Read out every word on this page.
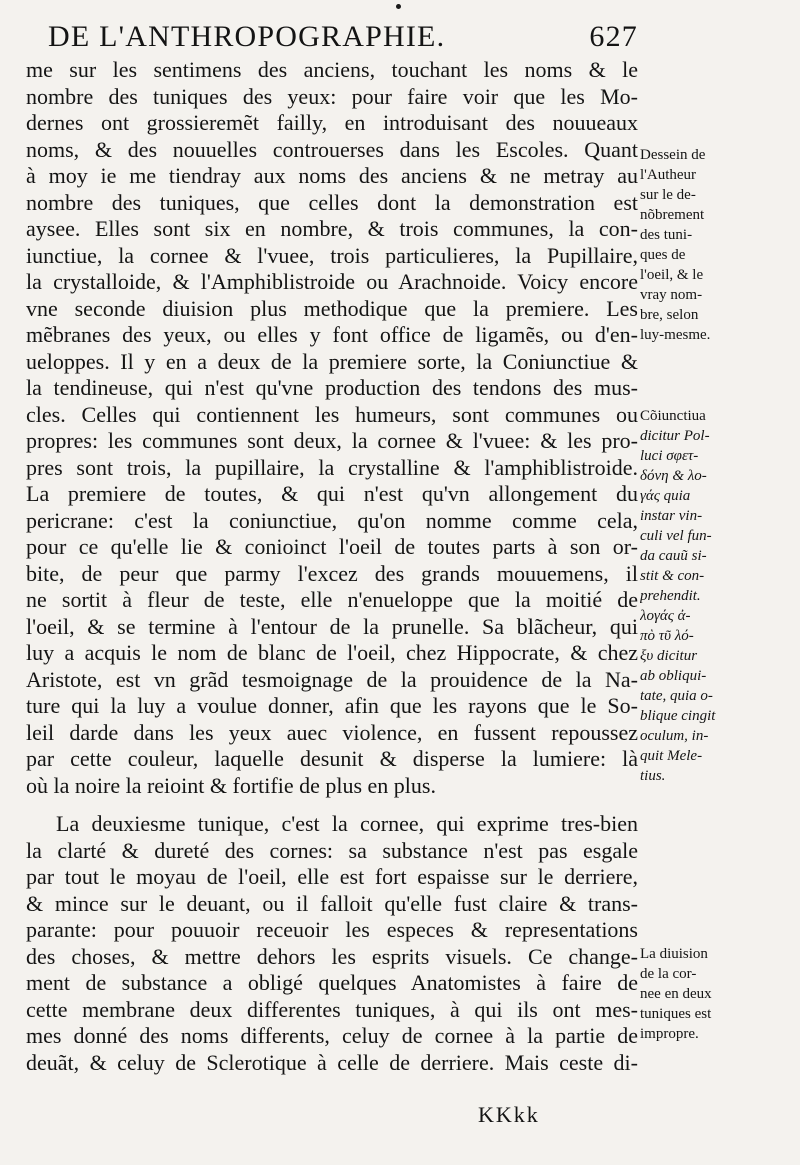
DE L'ANTHROPOGRAPHIE.	627
me sur les sentimens des anciens, touchant les noms & le
nombre des tuniques des yeux: pour faire voir que les Mo-
dernes ont grossieremẽt failly, en introduisant des nouueaux
noms, & des nouuelles controuerses dans les Escoles. Quant
à moy ie me tiendray aux noms des anciens & ne metray au
nombre des tuniques, que celles dont la demonstration est
aysee. Elles sont six en nombre, & trois communes, la con-
iunctiue, la cornee & l'vuee, trois particulieres, la Pupillaire,
la crystalloide, & l'Amphiblistroide ou Arachnoide. Voicy encore
vne seconde diuision plus methodique que la premiere. Les
mẽbranes des yeux, ou elles y font office de ligamẽs, ou d'en-
ueloppes. Il y en a deux de la premiere sorte, la Coniunctiue &
la tendineuse, qui n'est qu'vne production des tendons des mus-
cles. Celles qui contiennent les humeurs, sont communes ou
propres: les communes sont deux, la cornee & l'vuee: & les pro-
pres sont trois, la pupillaire, la crystalline & l'amphiblistroide.
La premiere de toutes, & qui n'est qu'vn allongement du
pericrane: c'est la coniunctiue, qu'on nomme comme cela,
pour ce qu'elle lie & conioinct l'oeil de toutes parts à son or-
bite, de peur que parmy l'excez des grands mouuemens, il
ne sortit à fleur de teste, elle n'enueloppe que la moitié de
l'oeil, & se termine à l'entour de la prunelle. Sa blãcheur, qui
luy a acquis le nom de blanc de l'oeil, chez Hippocrate, & chez
Aristote, est vn grãd tesmoignage de la prouidence de la Na-
ture qui la luy a voulue donner, afin que les rayons que le So-
leil darde dans les yeux auec violence, en fussent repoussez
par cette couleur, laquelle desunit & disperse la lumiere: là
où la noire la reioint & fortifie de plus en plus.
La deuxiesme tunique, c'est la cornee, qui exprime tres-bien
la clarté & dureté des cornes: sa substance n'est pas esgale
par tout le moyau de l'oeil, elle est fort espaisse sur le derriere,
& mince sur le deuant, ou il falloit qu'elle fust claire & trans-
parante: pour pouuoir receuoir les especes & representations
des choses, & mettre dehors les esprits visuels. Ce change-
ment de substance a obligé quelques Anatomistes à faire de
cette membrane deux differentes tuniques, à qui ils ont mes-
mes donné des noms differents, celuy de cornee à la partie de
deuãt, & celuy de Sclerotique à celle de derriere. Mais ceste di-
Dessein de
l'Autheur
sur le de-
nõbrement
des tuni-
ques de
l'oeil, & le
vray nom-
bre, selon
luy-mesme.
Cõiunctiua
dicitur Pol-
luci σφετ-
δόνη & λο-
γάς quia
instar vin-
culi vel fun-
da cauũ si-
stit & con-
prehendit.
λογάς ἀ-
πὸ τῦ λό-
ξυ dicitur
ab obliqui-
tate, quia o-
blique cingit
oculum, in-
quit Mele-
tius.
La diuision
de la cor-
nee en deux
tuniques est
impropre.
KKkk
